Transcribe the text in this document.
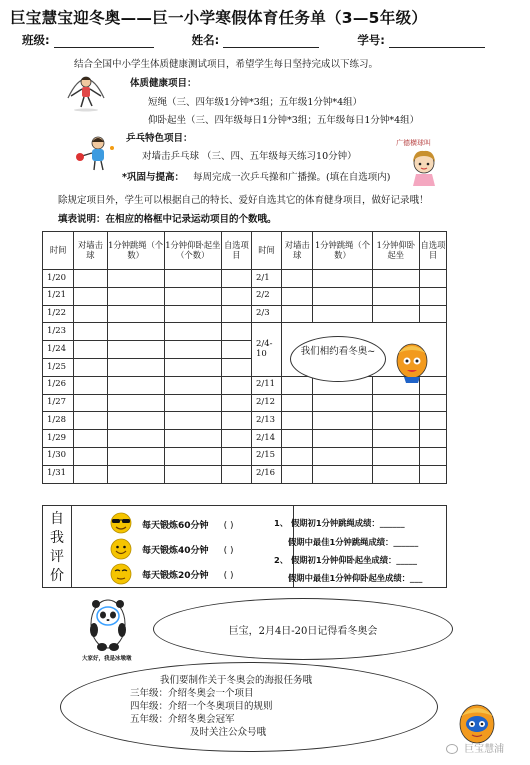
巨宝慧宝迎冬奥——巨一小学寒假体育任务单（3—5年级）
班级:	姓名:	学号:
结合全国中小学生体质健康测试项目，希望学生每日坚持完成以下练习。
体质健康项目：
短绳（三、四年级1分钟*3组；五年级1分钟*4组）
仰卧起坐（三、四年级每日1分钟*3组；五年级每日1分钟*4组）
乒乓特色项目：
对墙击乒乓球 （三、四、五年级每天练习10分钟）
*巩固与提高： 每周完成一次乒乓操和广播操。(填在自选项内)
广德横球叫
除规定项目外，学生可以根据自己的特长、爱好自选其它的体育健身项目，做好记录哦！
填表说明：在相应的格框中记录运动项目的个数哦。
时间	对墙击球	1分钟跳绳（个数）	1分钟仰卧起坐（个数）	自选项目	时间	对墙击球	1分钟跳绳（个数）	1分钟仰卧起坐	自选项目
1/20					2/1				
1/21					2/2				
1/22					2/3				
1/23					2/4-10				
1/24									
1/25									
1/26					2/11				
1/27					2/12				
1/28					2/13				
1/29					2/14				
1/30					2/15				
1/31					2/16				
我们相约看冬奥~
自
我
评
价
每天锻炼60分钟 ( )
每天锻炼40分钟 ( )
每天锻炼20分钟 ( )
1、 假期初1分钟跳绳成绩：______
假期中最佳1分钟跳绳成绩：______
2、 假期初1分钟仰卧起坐成绩：_____
假期中最佳1分钟仰卧起坐成绩：___
大家好，我是冰墩墩
巨宝，2月4日-20日记得看冬奥会
我们要制作关于冬奥会的海报任务哦
三年级：介绍冬奥会一个项目
四年级：介绍一个冬奥项目的规则
五年级：介绍冬奥会冠军
及时关注公众号哦
巨宝慧浦
